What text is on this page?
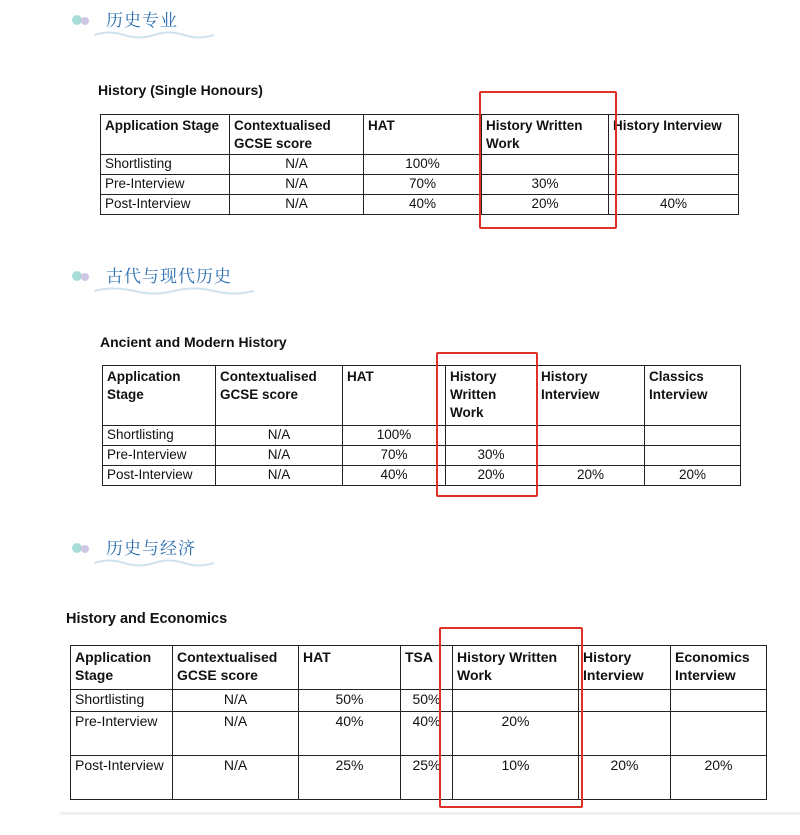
历史专业
History (Single Honours)
Application Stage	Contextualised GCSE score	HAT	History Written Work	History Interview
Shortlisting	N/A	100%		
Pre-Interview	N/A	70%	30%	
Post-Interview	N/A	40%	20%	40%
古代与现代历史
Ancient and Modern History
Application Stage	Contextualised GCSE score	HAT	History Written Work	History Interview	Classics Interview
Shortlisting	N/A	100%			
Pre-Interview	N/A	70%	30%		
Post-Interview	N/A	40%	20%	20%	20%
历史与经济
History and Economics
Application Stage	Contextualised GCSE score	HAT	TSA	History Written Work	History Interview	Economics Interview
Shortlisting	N/A	50%	50%			
Pre-Interview	N/A	40%	40%	20%		
Post-Interview	N/A	25%	25%	10%	20%	20%
